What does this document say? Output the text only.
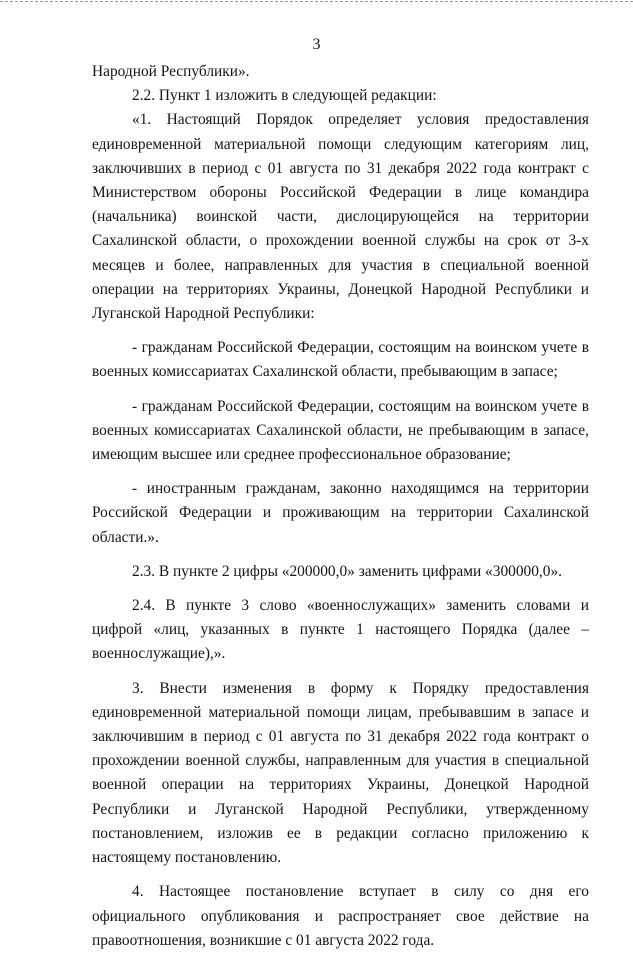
3

Народной Республики».

2.2. Пункт 1 изложить в следующей редакции:

«1. Настоящий Порядок определяет условия предоставления единовременной материальной помощи следующим категориям лиц, заключивших в период с 01 августа по 31 декабря 2022 года контракт с Министерством обороны Российской Федерации в лице командира (начальника) воинской части, дислоцирующейся на территории Сахалинской области, о прохождении военной службы на срок от 3-х месяцев и более, направленных для участия в специальной военной операции на территориях Украины, Донецкой Народной Республики и Луганской Народной Республики:

- гражданам Российской Федерации, состоящим на воинском учете в военных комиссариатах Сахалинской области, пребывающим в запасе;

- гражданам Российской Федерации, состоящим на воинском учете в военных комиссариатах Сахалинской области, не пребывающим в запасе, имеющим высшее или среднее профессиональное образование;

- иностранным гражданам, законно находящимся на территории Российской Федерации и проживающим на территории Сахалинской области.».

2.3. В пункте 2 цифры «200000,0» заменить цифрами «300000,0».

2.4. В пункте 3 слово «военнослужащих» заменить словами и цифрой «лиц, указанных в пункте 1 настоящего Порядка (далее – военнослужащие),».

3. Внести изменения в форму к Порядку предоставления единовременной материальной помощи лицам, пребывавшим в запасе и заключившим в период с 01 августа по 31 декабря 2022 года контракт о прохождении военной службы, направленным для участия в специальной военной операции на территориях Украины, Донецкой Народной Республики и Луганской Народной Республики, утвержденному постановлением, изложив ее в редакции согласно приложению к настоящему постановлению.

4. Настоящее постановление вступает в силу со дня его официального опубликования и распространяет свое действие на правоотношения, возникшие с 01 августа 2022 года.
